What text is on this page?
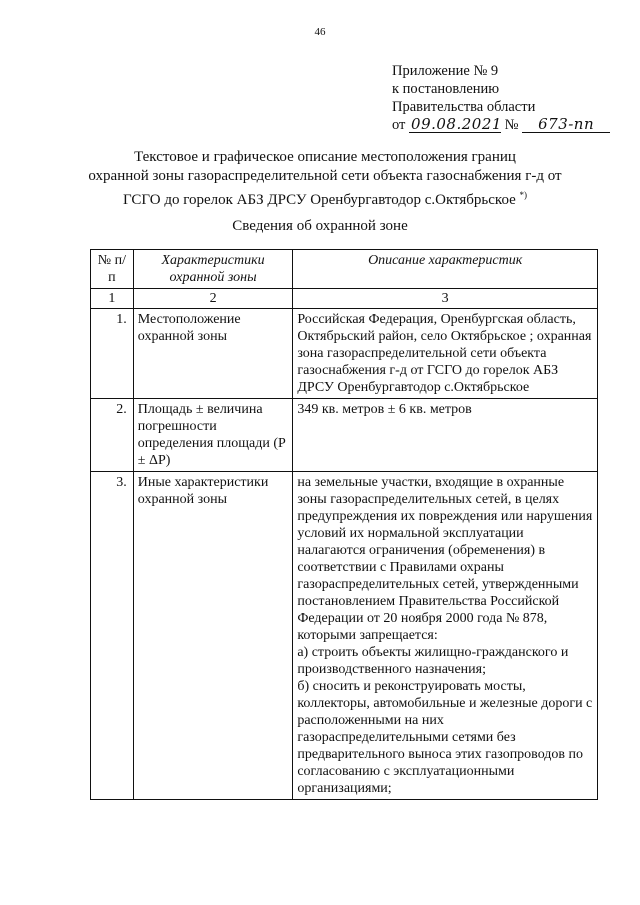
46
Приложение № 9
к постановлению
Правительства области
от 09.08.2021 № 673-пп
Текстовое и графическое описание местоположения границ
охранной зоны газораспределительной сети объекта газоснабжения г-д от
ГСГО до горелок АБЗ ДРСУ Оренбургавтодор с.Октябрьское *)
Сведения об охранной зоне
№ п/п	Характеристики охранной зоны	Описание характеристик
1	2	3
1.	Местоположение охранной зоны	Российская Федерация, Оренбургская область, Октябрьский район, село Октябрьское ; охранная зона газораспределительной сети объекта газоснабжения г-д от ГСГО до горелок АБЗ ДРСУ Оренбургавтодор с.Октябрьское
2.	Площадь ± величина погрешности определения площади (Р ± ΔР)	349 кв. метров ± 6 кв. метров
3.	Иные характеристики охранной зоны	на земельные участки, входящие в охранные зоны газораспределительных сетей, в целях предупреждения их повреждения или нарушения условий их нормальной эксплуатации налагаются ограничения (обременения) в соответствии с Правилами охраны газораспределительных сетей, утвержденными постановлением Правительства Российской Федерации от 20 ноября 2000 года № 878, которыми запрещается:
а) строить объекты жилищно-гражданского и производственного назначения;
б) сносить и реконструировать мосты, коллекторы, автомобильные и железные дороги с расположенными на них газораспределительными сетями без предварительного выноса этих газопроводов по согласованию с эксплуатационными организациями;
